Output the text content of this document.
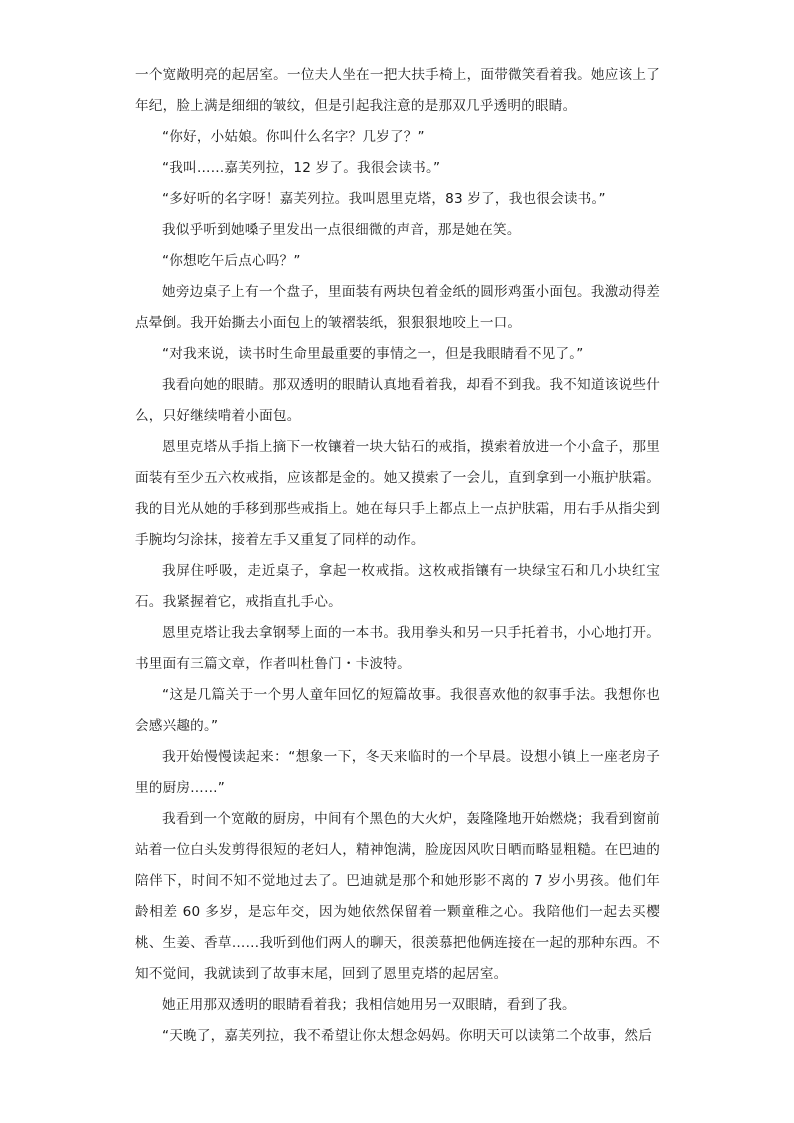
一个宽敞明亮的起居室。一位夫人坐在一把大扶手椅上，面带微笑看着我。她应该上了年纪，脸上满是细细的皱纹，但是引起我注意的是那双几乎透明的眼睛。

“你好，小姑娘。你叫什么名字？几岁了？”

“我叫……嘉芙列拉，12 岁了。我很会读书。”

“多好听的名字呀！嘉芙列拉。我叫恩里克塔，83 岁了，我也很会读书。”

我似乎听到她嗓子里发出一点很细微的声音，那是她在笑。

“你想吃午后点心吗？”

她旁边桌子上有一个盘子，里面装有两块包着金纸的圆形鸡蛋小面包。我激动得差点晕倒。我开始撕去小面包上的皱褶装纸，狠狠狠地咬上一口。

“对我来说，读书时生命里最重要的事情之一，但是我眼睛看不见了。”

我看向她的眼睛。那双透明的眼睛认真地看着我，却看不到我。我不知道该说些什么，只好继续啃着小面包。

恩里克塔从手指上摘下一枚镶着一块大钻石的戒指，摸索着放进一个小盒子，那里面装有至少五六枚戒指，应该都是金的。她又摸索了一会儿，直到拿到一小瓶护肤霜。我的目光从她的手移到那些戒指上。她在每只手上都点上一点护肤霜，用右手从指尖到手腕均匀涂抹，接着左手又重复了同样的动作。

我屏住呼吸，走近桌子，拿起一枚戒指。这枚戒指镶有一块绿宝石和几小块红宝石。我紧握着它，戒指直扎手心。

恩里克塔让我去拿钢琴上面的一本书。我用拳头和另一只手托着书，小心地打开。书里面有三篇文章，作者叫杜鲁门・卡波特。

“这是几篇关于一个男人童年回忆的短篇故事。我很喜欢他的叙事手法。我想你也会感兴趣的。”

我开始慢慢读起来：“想象一下，冬天来临时的一个早晨。设想小镇上一座老房子里的厨房……”

我看到一个宽敞的厨房，中间有个黑色的大火炉，轰隆隆地开始燃烧；我看到窗前站着一位白头发剪得很短的老妇人，精神饱满，脸庞因风吹日晒而略显粗糙。在巴迪的陪伴下，时间不知不觉地过去了。巴迪就是那个和她形影不离的 7 岁小男孩。他们年龄相差 60 多岁，是忘年交，因为她依然保留着一颗童稚之心。我陪他们一起去买樱桃、生姜、香草……我听到他们两人的聊天，很羡慕把他俩连接在一起的那种东西。不知不觉间，我就读到了故事末尾，回到了恩里克塔的起居室。

她正用那双透明的眼睛看着我；我相信她用另一双眼睛，看到了我。

“天晚了，嘉芙列拉，我不希望让你太想念妈妈。你明天可以读第二个故事，然后
